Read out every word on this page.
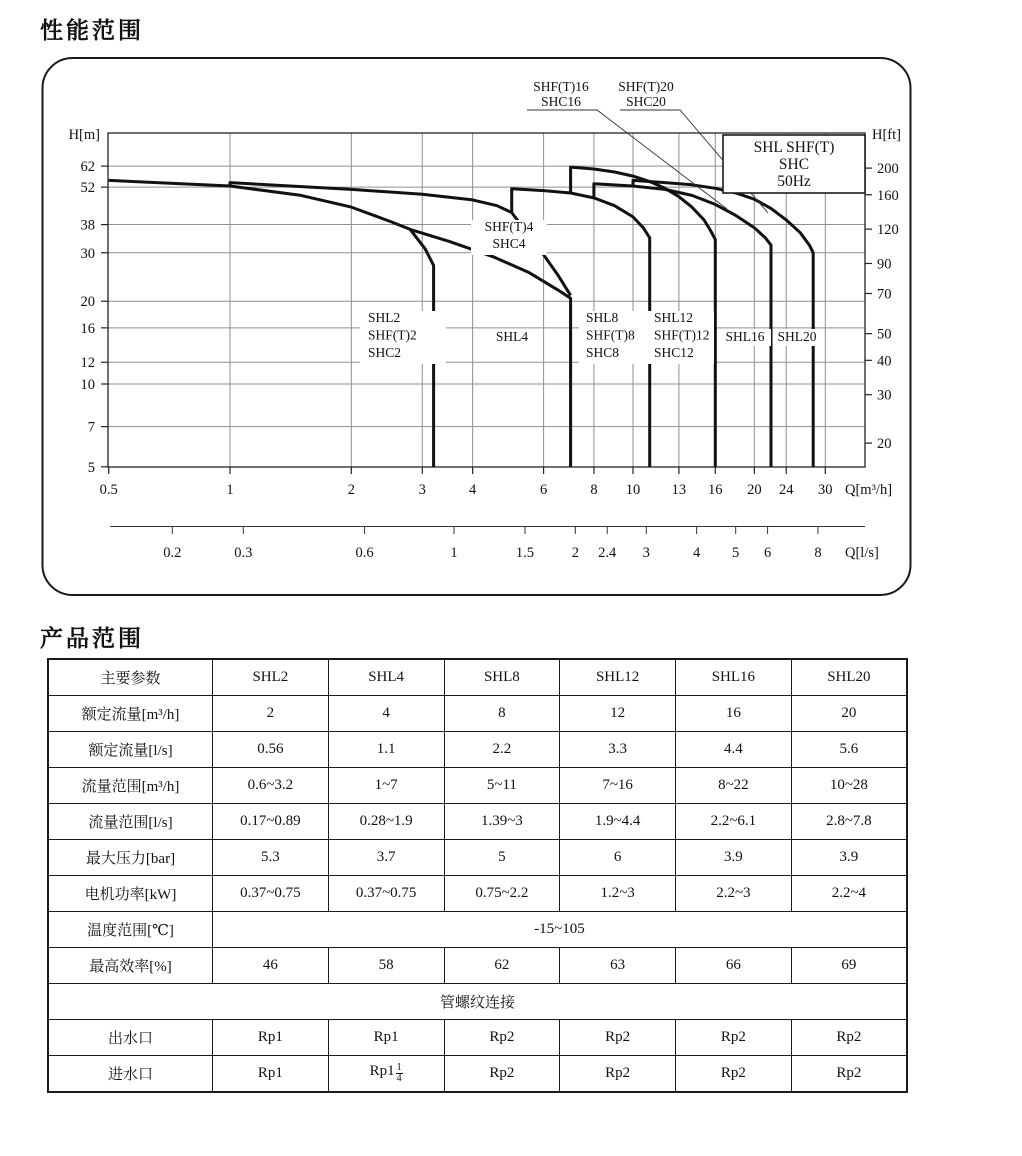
性能范围
SHF(T)16
SHC16
SHF(T)20
SHC20
SHL SHF(T)
SHC
50Hz
SHL2
SHF(T)2
SHC2
SHF(T)4
SHC4
SHL4
SHL8
SHF(T)8
SHC8
SHL12
SHF(T)12
SHC12
SHL16 SHL20
H[m]
62
52
38
30
20
16
12
10
7
5
H[ft]
200
160
120
90
70
50
40
30
20
0.5	1	2	3	4	6	8 10 13 16 20 24 30 Q[m³/h]
0.2	0.3	0.6	1	1.5	2 2.4 3	4 5 6	8 Q[l/s]
产品范围
主要参数	SHL2	SHL4	SHL8	SHL12	SHL16	SHL20
额定流量[m³/h]	2	4	8	12	16	20
额定流量[l/s]	0.56	1.1	2.2	3.3	4.4	5.6
流量范围[m³/h]	0.6~3.2	1~7	5~11	7~16	8~22	10~28
流量范围[l/s]	0.17~0.89	0.28~1.9	1.39~3	1.9~4.4	2.2~6.1	2.8~7.8
最大压力[bar]	5.3	3.7	5	6	3.9	3.9
电机功率[kW]	0.37~0.75	0.37~0.75	0.75~2.2	1.2~3	2.2~3	2.2~4
温度范围[℃]	-15~105					
最高效率[%]	46	58	62	63	66	69
管螺纹连接						
出水口	Rp1	Rp1	Rp2	Rp2	Rp2	Rp2
进水口	Rp1	$Rp1 \frac{1}{4}$	Rp2	Rp2	Rp2	Rp2
